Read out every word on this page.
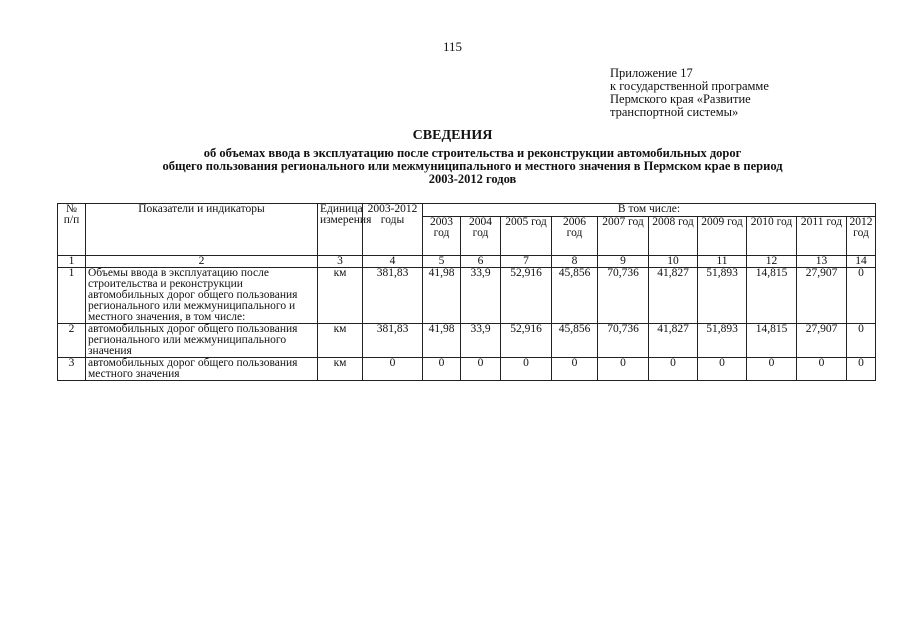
115
Приложение 17
к государственной программе
Пермского края «Развитие
транспортной системы»
СВЕДЕНИЯ
об объемах ввода в эксплуатацию после строительства и реконструкции автомобильных дорог
общего пользования регионального или межмуниципального и местного значения в Пермском крае в период
2003-2012 годов
№ п/п	Показатели и индикаторы	Единица измерения	2003-2012 годы	В том числе:									
				2003 год	2004 год	2005 год	2006 год	2007 год	2008 год	2009 год	2010 год	2011 год	2012 год
1	2	3	4	5	6	7	8	9	10	11	12	13	14
1	Объемы ввода в эксплуатацию после строительства и реконструкции автомобильных дорог общего пользования регионального или межмуниципального и местного значения, в том числе:	км	381,83	41,98	33,9	52,916	45,856	70,736	41,827	51,893	14,815	27,907	0
2	автомобильных дорог общего пользования регионального или межмуниципального значения	км	381,83	41,98	33,9	52,916	45,856	70,736	41,827	51,893	14,815	27,907	0
3	автомобильных дорог общего пользования местного значения	км	0	0	0	0	0	0	0	0	0	0	0
